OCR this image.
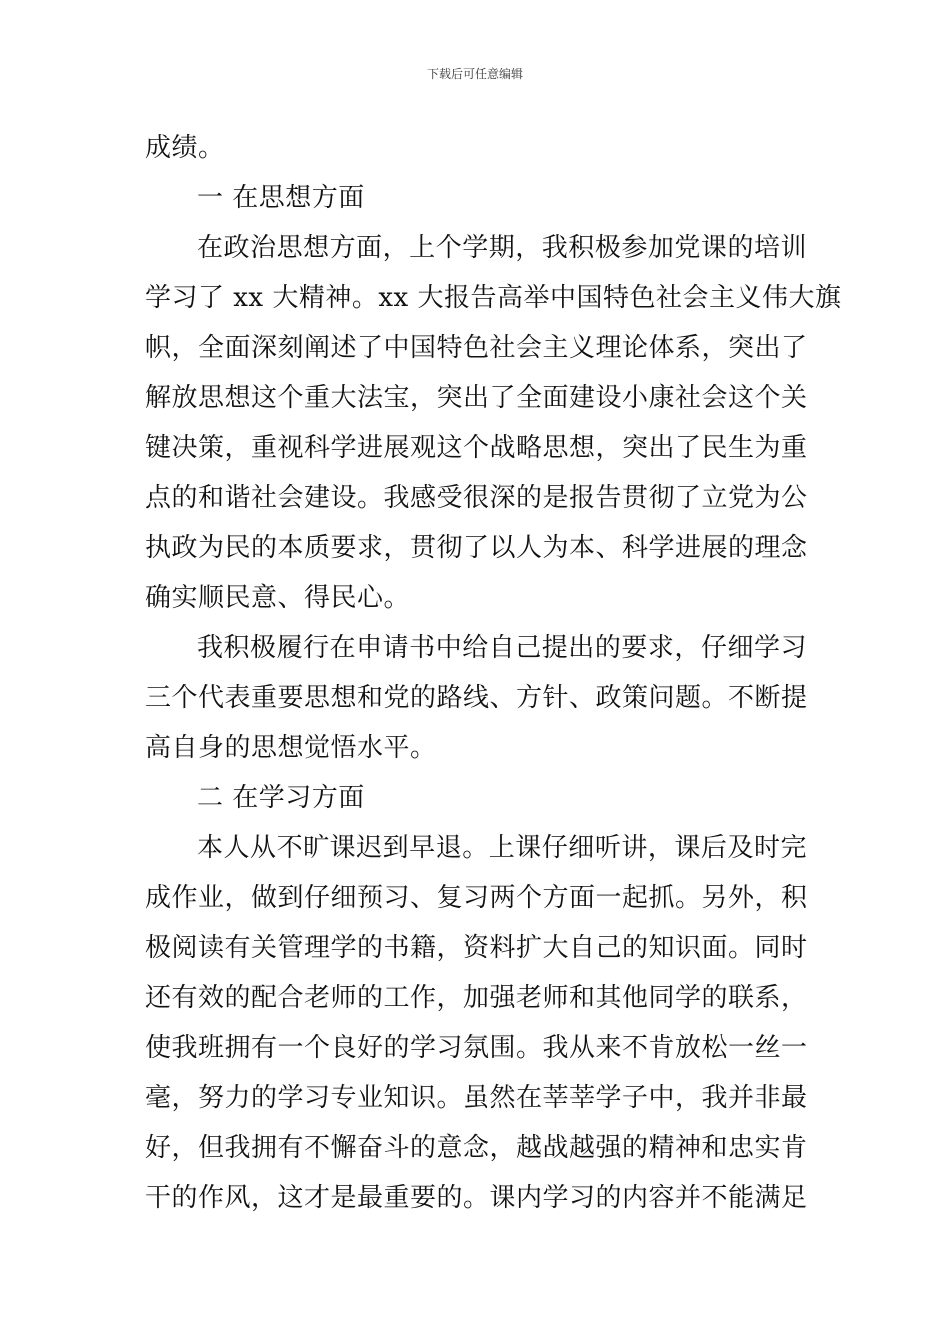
下载后可任意编辑
成绩。
一 在思想方面
在政治思想方面，上个学期，我积极参加党课的培训
学习了 xx 大精神。xx 大报告高举中国特色社会主义伟大旗
帜，全面深刻阐述了中国特色社会主义理论体系，突出了
解放思想这个重大法宝，突出了全面建设小康社会这个关
键决策，重视科学进展观这个战略思想，突出了民生为重
点的和谐社会建设。我感受很深的是报告贯彻了立党为公
执政为民的本质要求，贯彻了以人为本、科学进展的理念
确实顺民意、得民心。
我积极履行在申请书中给自己提出的要求，仔细学习
三个代表重要思想和党的路线、方针、政策问题。不断提
高自身的思想觉悟水平。
二 在学习方面
本人从不旷课迟到早退。上课仔细听讲，课后及时完
成作业，做到仔细预习、复习两个方面一起抓。另外，积
极阅读有关管理学的书籍，资料扩大自己的知识面。同时
还有效的配合老师的工作，加强老师和其他同学的联系，
使我班拥有一个良好的学习氛围。我从来不肯放松一丝一
毫，努力的学习专业知识。虽然在莘莘学子中，我并非最
好，但我拥有不懈奋斗的意念，越战越强的精神和忠实肯
干的作风，这才是最重要的。课内学习的内容并不能满足
